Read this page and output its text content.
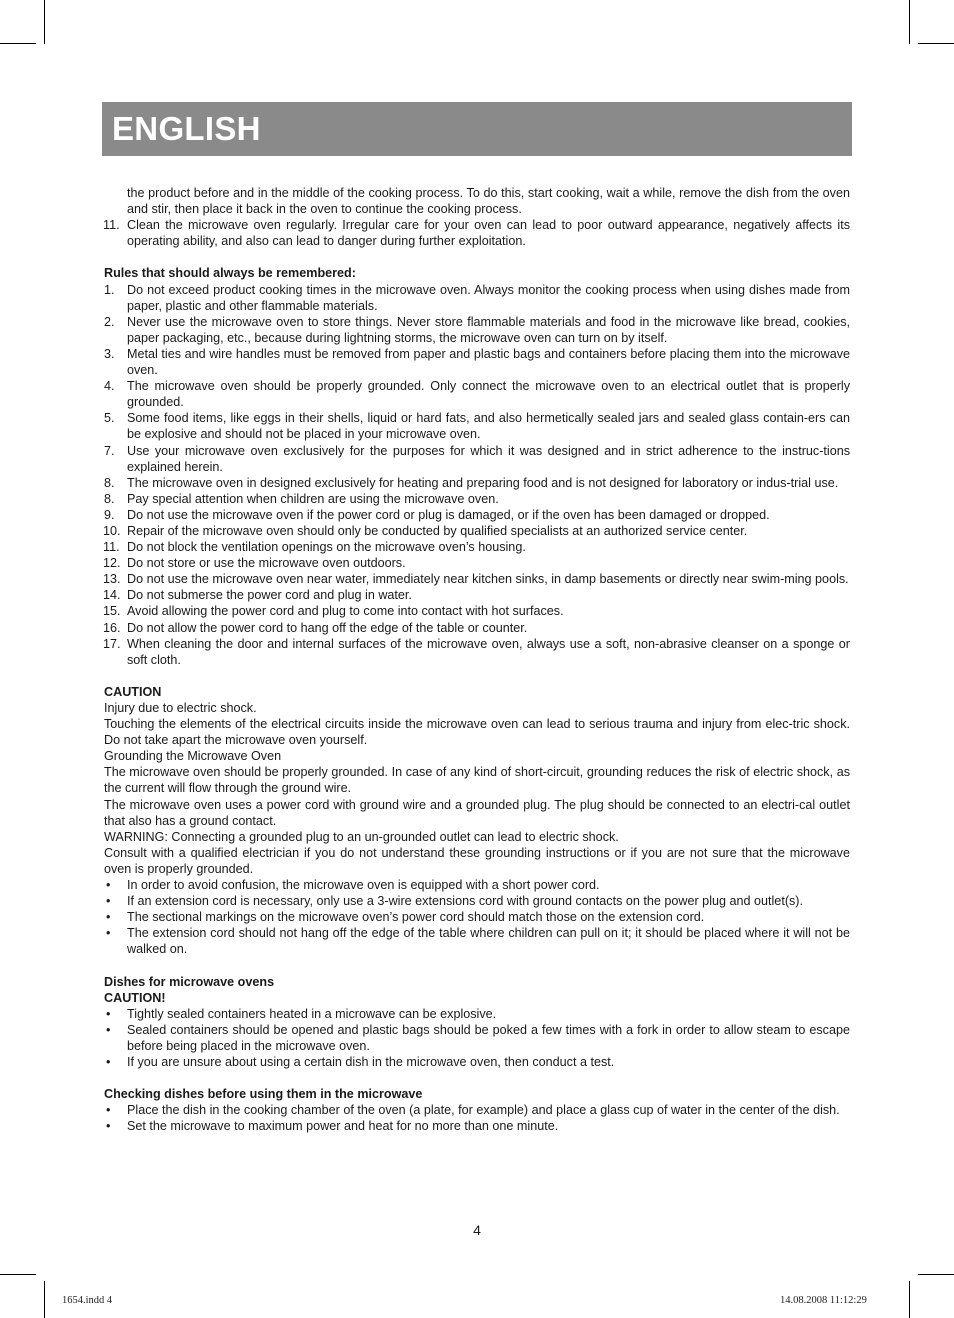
ENGLISH

the product before and in the middle of the cooking process. To do this, start cooking, wait a while, remove the dish from the oven and stir, then place it back in the oven to continue the cooking process.

11. Clean the microwave oven regularly. Irregular care for your oven can lead to poor outward appearance, negatively affects its operating ability, and also can lead to danger during further exploitation.

Rules that should always be remembered:

1. Do not exceed product cooking times in the microwave oven. Always monitor the cooking process when using dishes made from paper, plastic and other flammable materials.
2. Never use the microwave oven to store things. Never store flammable materials and food in the microwave like bread, cookies, paper packaging, etc., because during lightning storms, the microwave oven can turn on by itself.
3. Metal ties and wire handles must be removed from paper and plastic bags and containers before placing them into the microwave oven.
4. The microwave oven should be properly grounded. Only connect the microwave oven to an electrical outlet that is properly grounded.
5. Some food items, like eggs in their shells, liquid or hard fats, and also hermetically sealed jars and sealed glass contain-ers can be explosive and should not be placed in your microwave oven.
7. Use your microwave oven exclusively for the purposes for which it was designed and in strict adherence to the instruc-tions explained herein.
8. The microwave oven in designed exclusively for heating and preparing food and is not designed for laboratory or indus-trial use.
8. Pay special attention when children are using the microwave oven.
9. Do not use the microwave oven if the power cord or plug is damaged, or if the oven has been damaged or dropped.
10. Repair of the microwave oven should only be conducted by qualified specialists at an authorized service center.
11. Do not block the ventilation openings on the microwave oven’s housing.
12. Do not store or use the microwave oven outdoors.
13. Do not use the microwave oven near water, immediately near kitchen sinks, in damp basements or directly near swim-ming pools.
14. Do not submerse the power cord and plug in water.
15. Avoid allowing the power cord and plug to come into contact with hot surfaces.
16. Do not allow the power cord to hang off the edge of the table or counter.
17. When cleaning the door and internal surfaces of the microwave oven, always use a soft, non-abrasive cleanser on a sponge or soft cloth.

CAUTION

Injury due to electric shock.

Touching the elements of the electrical circuits inside the microwave oven can lead to serious trauma and injury from elec-tric shock. Do not take apart the microwave oven yourself.

Grounding the Microwave Oven

The microwave oven should be properly grounded. In case of any kind of short-circuit, grounding reduces the risk of electric shock, as the current will flow through the ground wire.

The microwave oven uses a power cord with ground wire and a grounded plug. The plug should be connected to an electri-cal outlet that also has a ground contact.

WARNING: Connecting a grounded plug to an un-grounded outlet can lead to electric shock.

Consult with a qualified electrician if you do not understand these grounding instructions or if you are not sure that the microwave oven is properly grounded.

• In order to avoid confusion, the microwave oven is equipped with a short power cord.
• If an extension cord is necessary, only use a 3-wire extensions cord with ground contacts on the power plug and outlet(s).
• The sectional markings on the microwave oven’s power cord should match those on the extension cord.
• The extension cord should not hang off the edge of the table where children can pull on it; it should be placed where it will not be walked on.

Dishes for microwave ovens

CAUTION!

• Tightly sealed containers heated in a microwave can be explosive.
• Sealed containers should be opened and plastic bags should be poked a few times with a fork in order to allow steam to escape before being placed in the microwave oven.
• If you are unsure about using a certain dish in the microwave oven, then conduct a test.

Checking dishes before using them in the microwave

• Place the dish in the cooking chamber of the oven (a plate, for example) and place a glass cup of water in the center of the dish.
• Set the microwave to maximum power and heat for no more than one minute.
4
1654.indd 4	14.08.2008 11:12:29
